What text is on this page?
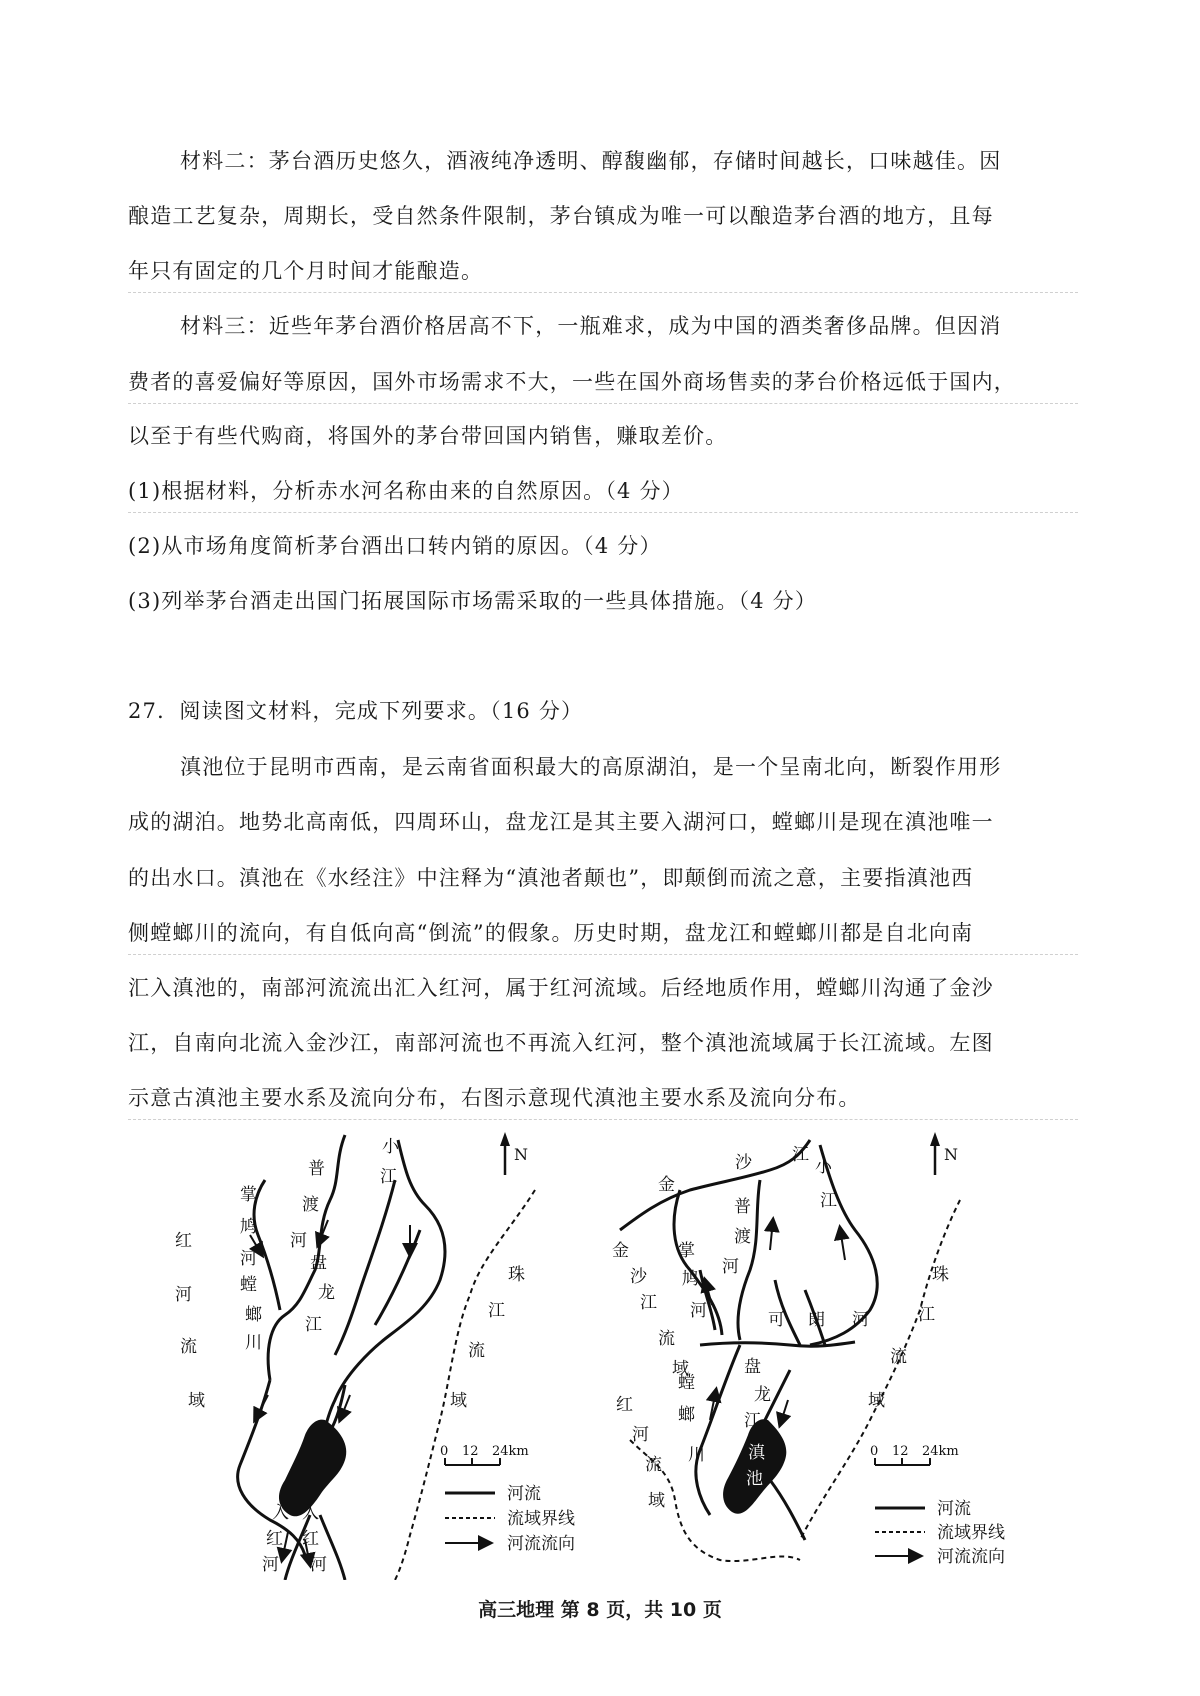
材料二：茅台酒历史悠久，酒液纯净透明、醇馥幽郁，存储时间越长，口味越佳。因
酿造工艺复杂，周期长，受自然条件限制，茅台镇成为唯一可以酿造茅台酒的地方，且每
年只有固定的几个月时间才能酿造。
材料三：近些年茅台酒价格居高不下，一瓶难求，成为中国的酒类奢侈品牌。但因消
费者的喜爱偏好等原因，国外市场需求不大，一些在国外商场售卖的茅台价格远低于国内，
以至于有些代购商，将国外的茅台带回国内销售，赚取差价。
(1)根据材料，分析赤水河名称由来的自然原因。（4 分）
(2)从市场角度简析茅台酒出口转内销的原因。（4 分）
(3)列举茅台酒走出国门拓展国际市场需采取的一些具体措施。（4 分）
27．阅读图文材料，完成下列要求。（16 分）
滇池位于昆明市西南，是云南省面积最大的高原湖泊，是一个呈南北向，断裂作用形
成的湖泊。地势北高南低，四周环山，盘龙江是其主要入湖河口，螳螂川是现在滇池唯一
的出水口。滇池在《水经注》中注释为“滇池者颠也”，即颠倒而流之意，主要指滇池西
侧螳螂川的流向，有自低向高“倒流”的假象。历史时期，盘龙江和螳螂川都是自北向南
汇入滇池的，南部河流流出汇入红河，属于红河流域。后经地质作用，螳螂川沟通了金沙
江，自南向北流入金沙江，南部河流也不再流入红河，整个滇池流域属于长江流域。左图
示意古滇池主要水系及流向分布，右图示意现代滇池主要水系及流向分布。
普
渡
河
掌
鸠
河
小
江
珠
江
流
域
红
河
流
域
螳
螂
川
盘
龙
江
滇
池
入
红
河
入
红
河
N
0 12 24km
河流
流域界线
河流流向
金
沙 江
金
沙
江
流
域
普
渡
河
掌
鸠
河
小
江
可 朗 河
珠
江
流
域
红
河
流
域
螳
螂
川
盘
龙
江
滇
池
N
0 12 24km
河流
流域界线
河流流向
高三地理 第 8 页，共 10 页
